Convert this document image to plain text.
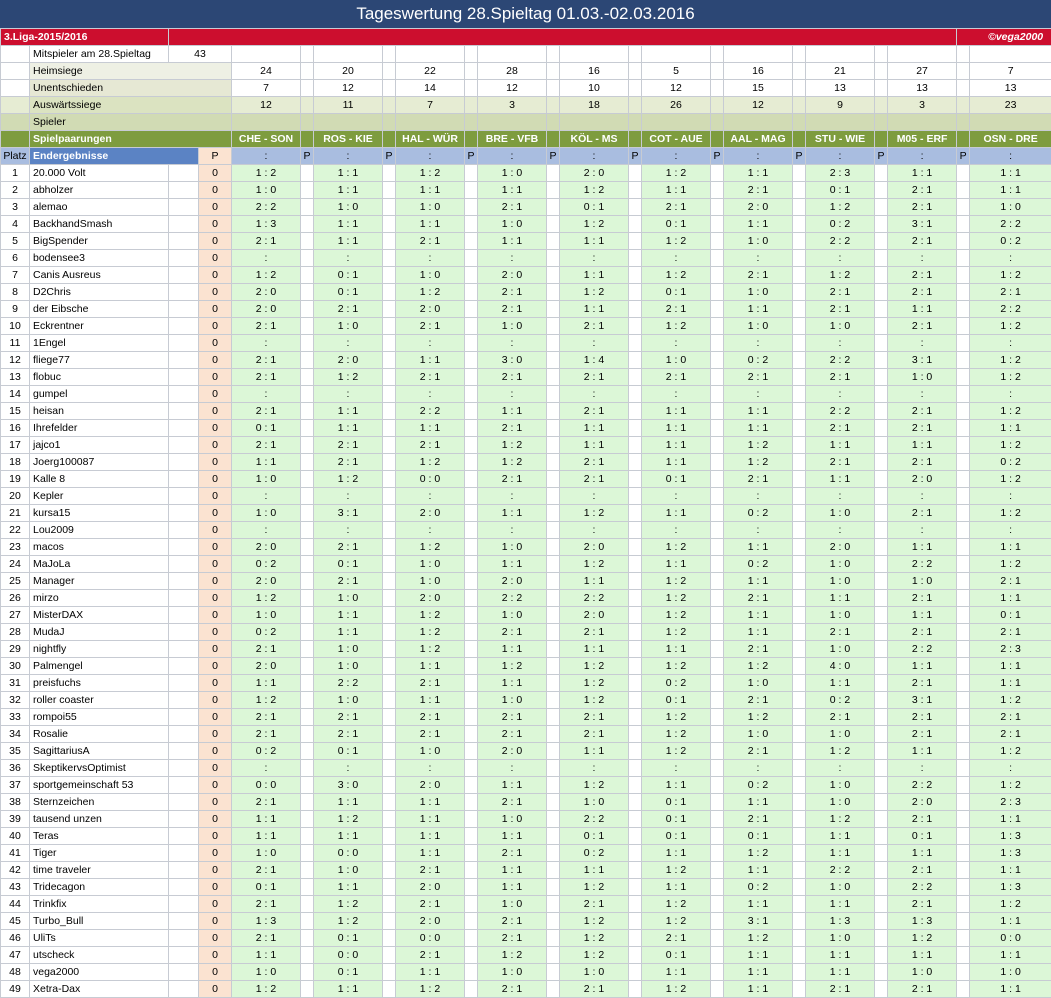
Tageswertung 28.Spieltag 01.03.-02.03.2016
3.Liga-2015/2016																					©vega2000	
	Mitspieler am 28.Spieltag	43																				
	Heimsiege			24		20		22		28		16		5		16		21		27		7
	Unentschieden			7		12		14		12		10		12		15		13		13		13
	Auswärtssiege			12		11		7		3		18		26		12		9		3		23
	Spieler																					
	Spielpaarungen			CHE - SON		ROS - KIE		HAL - WÜR		BRE - VFB		KÖL - MS		COT - AUE		AAL - MAG		STU - WIE		M05 - ERF		OSN - DRE
Platz	Endergebnisse		P	:	P	:	P	:	P	:	P	:	P	:	P	:	P	:	P	:	P	:
1	20.000 Volt		0	1 : 2		1 : 1		1 : 2		1 : 0		2 : 0		1 : 2		1 : 1		2 : 3		1 : 1		1 : 1
2	abholzer		0	1 : 0		1 : 1		1 : 1		1 : 1		1 : 2		1 : 1		2 : 1		0 : 1		2 : 1		1 : 1
3	alemao		0	2 : 2		1 : 0		1 : 0		2 : 1		0 : 1		2 : 1		2 : 0		1 : 2		2 : 1		1 : 0
4	BackhandSmash		0	1 : 3		1 : 1		1 : 1		1 : 0		1 : 2		0 : 1		1 : 1		0 : 2		3 : 1		2 : 2
5	BigSpender		0	2 : 1		1 : 1		2 : 1		1 : 1		1 : 1		1 : 2		1 : 0		2 : 2		2 : 1		0 : 2
6	bodensee3		0	:		:		:		:		:		:		:		:		:		:
7	Canis Ausreus		0	1 : 2		0 : 1		1 : 0		2 : 0		1 : 1		1 : 2		2 : 1		1 : 2		2 : 1		1 : 2
8	D2Chris		0	2 : 0		0 : 1		1 : 2		2 : 1		1 : 2		0 : 1		1 : 0		2 : 1		2 : 1		2 : 1
9	der Eibsche		0	2 : 0		2 : 1		2 : 0		2 : 1		1 : 1		2 : 1		1 : 1		2 : 1		1 : 1		2 : 2
10	Eckrentner		0	2 : 1		1 : 0		2 : 1		1 : 0		2 : 1		1 : 2		1 : 0		1 : 0		2 : 1		1 : 2
11	1Engel		0	:		:		:		:		:		:		:		:		:		:
12	fliege77		0	2 : 1		2 : 0		1 : 1		3 : 0		1 : 4		1 : 0		0 : 2		2 : 2		3 : 1		1 : 2
13	flobuc		0	2 : 1		1 : 2		2 : 1		2 : 1		2 : 1		2 : 1		2 : 1		2 : 1		1 : 0		1 : 2
14	gumpel		0	:		:		:		:		:		:		:		:		:		:
15	heisan		0	2 : 1		1 : 1		2 : 2		1 : 1		2 : 1		1 : 1		1 : 1		2 : 2		2 : 1		1 : 2
16	Ihrefelder		0	0 : 1		1 : 1		1 : 1		2 : 1		1 : 1		1 : 1		1 : 1		2 : 1		2 : 1		1 : 1
17	jajco1		0	2 : 1		2 : 1		2 : 1		1 : 2		1 : 1		1 : 1		1 : 2		1 : 1		1 : 1		1 : 2
18	Joerg100087		0	1 : 1		2 : 1		1 : 2		1 : 2		2 : 1		1 : 1		1 : 2		2 : 1		2 : 1		0 : 2
19	Kalle 8		0	1 : 0		1 : 2		0 : 0		2 : 1		2 : 1		0 : 1		2 : 1		1 : 1		2 : 0		1 : 2
20	Kepler		0	:		:		:		:		:		:		:		:		:		:
21	kursa15		0	1 : 0		3 : 1		2 : 0		1 : 1		1 : 2		1 : 1		0 : 2		1 : 0		2 : 1		1 : 2
22	Lou2009		0	:		:		:		:		:		:		:		:		:		:
23	macos		0	2 : 0		2 : 1		1 : 2		1 : 0		2 : 0		1 : 2		1 : 1		2 : 0		1 : 1		1 : 1
24	MaJoLa		0	0 : 2		0 : 1		1 : 0		1 : 1		1 : 2		1 : 1		0 : 2		1 : 0		2 : 2		1 : 2
25	Manager		0	2 : 0		2 : 1		1 : 0		2 : 0		1 : 1		1 : 2		1 : 1		1 : 0		1 : 0		2 : 1
26	mirzo		0	1 : 2		1 : 0		2 : 0		2 : 2		2 : 2		1 : 2		2 : 1		1 : 1		2 : 1		1 : 1
27	MisterDAX		0	1 : 0		1 : 1		1 : 2		1 : 0		2 : 0		1 : 2		1 : 1		1 : 0		1 : 1		0 : 1
28	MudaJ		0	0 : 2		1 : 1		1 : 2		2 : 1		2 : 1		1 : 2		1 : 1		2 : 1		2 : 1		2 : 1
29	nightfly		0	2 : 1		1 : 0		1 : 2		1 : 1		1 : 1		1 : 1		2 : 1		1 : 0		2 : 2		2 : 3
30	Palmengel		0	2 : 0		1 : 0		1 : 1		1 : 2		1 : 2		1 : 2		1 : 2		4 : 0		1 : 1		1 : 1
31	preisfuchs		0	1 : 1		2 : 2		2 : 1		1 : 1		1 : 2		0 : 2		1 : 0		1 : 1		2 : 1		1 : 1
32	roller coaster		0	1 : 2		1 : 0		1 : 1		1 : 0		1 : 2		0 : 1		2 : 1		0 : 2		3 : 1		1 : 2
33	rompoi55		0	2 : 1		2 : 1		2 : 1		2 : 1		2 : 1		1 : 2		1 : 2		2 : 1		2 : 1		2 : 1
34	Rosalie		0	2 : 1		2 : 1		2 : 1		2 : 1		2 : 1		1 : 2		1 : 0		1 : 0		2 : 1		2 : 1
35	SagittariusA		0	0 : 2		0 : 1		1 : 0		2 : 0		1 : 1		1 : 2		2 : 1		1 : 2		1 : 1		1 : 2
36	SkeptikervsOptimist		0	:		:		:		:		:		:		:		:		:		:
37	sportgemeinschaft 53		0	0 : 0		3 : 0		2 : 0		1 : 1		1 : 2		1 : 1		0 : 2		1 : 0		2 : 2		1 : 2
38	Sternzeichen		0	2 : 1		1 : 1		1 : 1		2 : 1		1 : 0		0 : 1		1 : 1		1 : 0		2 : 0		2 : 3
39	tausend unzen		0	1 : 1		1 : 2		1 : 1		1 : 0		2 : 2		0 : 1		2 : 1		1 : 2		2 : 1		1 : 1
40	Teras		0	1 : 1		1 : 1		1 : 1		1 : 1		0 : 1		0 : 1		0 : 1		1 : 1		0 : 1		1 : 3
41	Tiger		0	1 : 0		0 : 0		1 : 1		2 : 1		0 : 2		1 : 1		1 : 2		1 : 1		1 : 1		1 : 3
42	time traveler		0	2 : 1		1 : 0		2 : 1		1 : 1		1 : 1		1 : 2		1 : 1		2 : 2		2 : 1		1 : 1
43	Tridecagon		0	0 : 1		1 : 1		2 : 0		1 : 1		1 : 2		1 : 1		0 : 2		1 : 0		2 : 2		1 : 3
44	Trinkfix		0	2 : 1		1 : 2		2 : 1		1 : 0		2 : 1		1 : 2		1 : 1		1 : 1		2 : 1		1 : 2
45	Turbo_Bull		0	1 : 3		1 : 2		2 : 0		2 : 1		1 : 2		1 : 2		3 : 1		1 : 3		1 : 3		1 : 1
46	UliTs		0	2 : 1		0 : 1		0 : 0		2 : 1		1 : 2		2 : 1		1 : 2		1 : 0		1 : 2		0 : 0
47	utscheck		0	1 : 1		0 : 0		2 : 1		1 : 2		1 : 2		0 : 1		1 : 1		1 : 1		1 : 1		1 : 1
48	vega2000		0	1 : 0		0 : 1		1 : 1		1 : 0		1 : 0		1 : 1		1 : 1		1 : 1		1 : 0		1 : 0
49	Xetra-Dax		0	1 : 2		1 : 1		1 : 2		2 : 1		2 : 1		1 : 2		1 : 1		2 : 1		2 : 1		1 : 1
